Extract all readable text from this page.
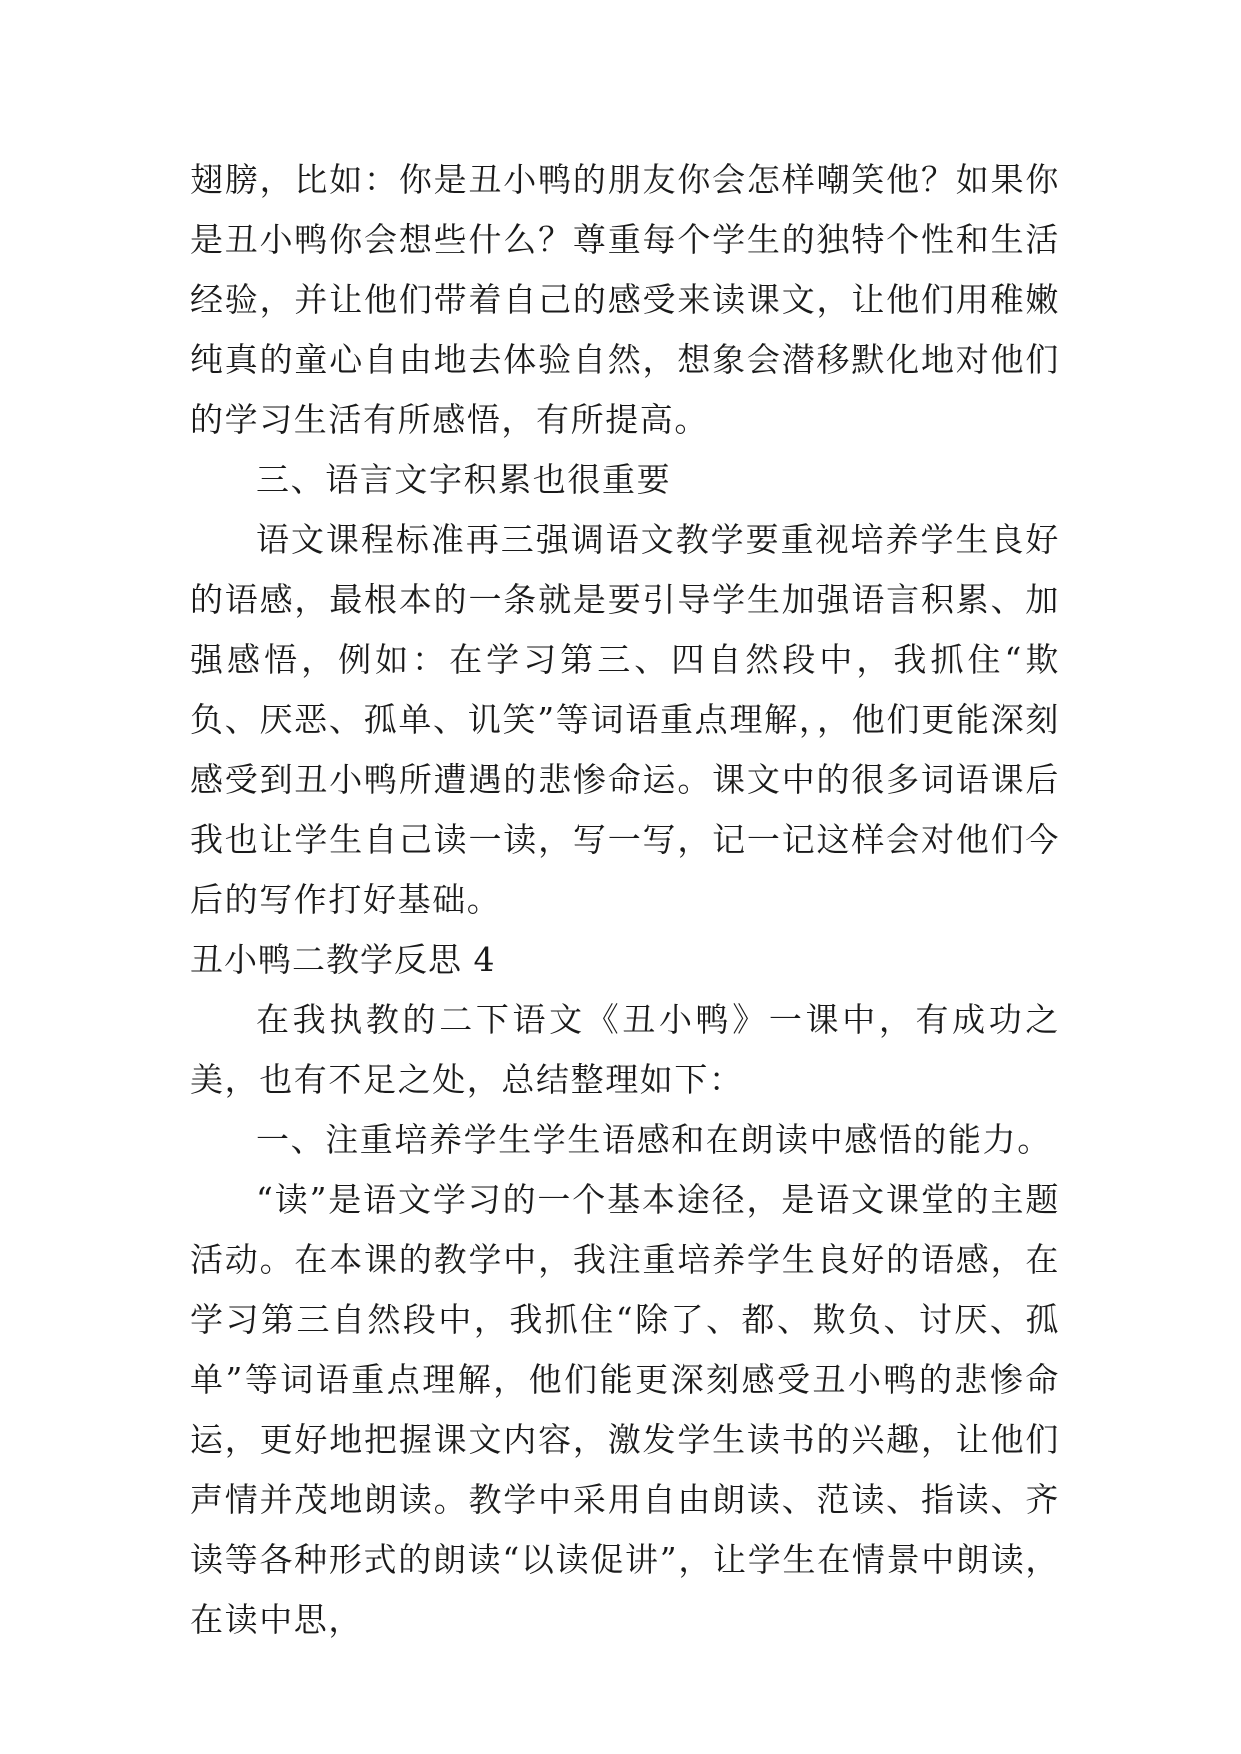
翅膀，比如：你是丑小鸭的朋友你会怎样嘲笑他？如果你是丑小鸭你会想些什么？尊重每个学生的独特个性和生活经验，并让他们带着自己的感受来读课文，让他们用稚嫩纯真的童心自由地去体验自然，想象会潜移默化地对他们的学习生活有所感悟，有所提高。

三、语言文字积累也很重要

语文课程标准再三强调语文教学要重视培养学生良好的语感，最根本的一条就是要引导学生加强语言积累、加强感悟，例如：在学习第三、四自然段中，我抓住“欺负、厌恶、孤单、讥笑”等词语重点理解，，他们更能深刻感受到丑小鸭所遭遇的悲惨命运。课文中的很多词语课后我也让学生自己读一读，写一写，记一记这样会对他们今后的写作打好基础。

丑小鸭二教学反思 4

在我执教的二下语文《丑小鸭》一课中，有成功之美，也有不足之处，总结整理如下：

一、注重培养学生学生语感和在朗读中感悟的能力。

“读”是语文学习的一个基本途径，是语文课堂的主题活动。在本课的教学中，我注重培养学生良好的语感，在学习第三自然段中，我抓住“除了、都、欺负、讨厌、孤单”等词语重点理解，他们能更深刻感受丑小鸭的悲惨命运，更好地把握课文内容，激发学生读书的兴趣，让他们声情并茂地朗读。教学中采用自由朗读、范读、指读、齐读等各种形式的朗读“以读促讲”，让学生在情景中朗读，在读中思，
